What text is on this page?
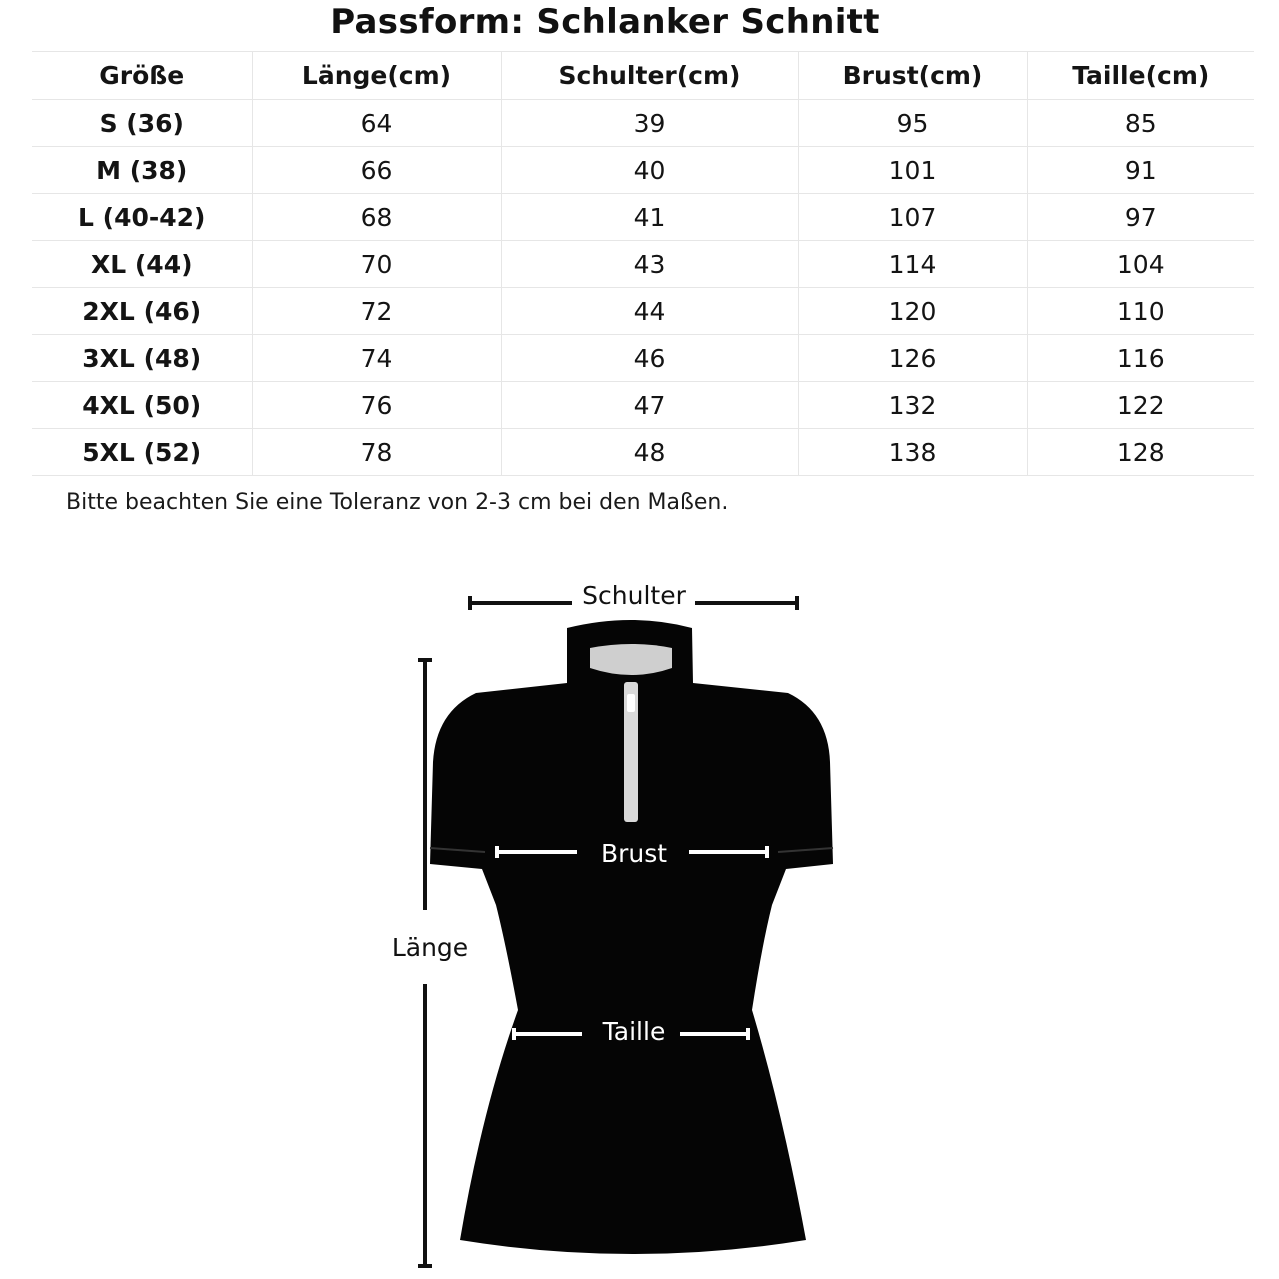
Passform: Schlanker Schnitt
Größe	Länge(cm)	Schulter(cm)	Brust(cm)	Taille(cm)
S (36)	64	39	95	85
M (38)	66	40	101	91
L (40-42)	68	41	107	97
XL (44)	70	43	114	104
2XL (46)	72	44	120	110
3XL (48)	74	46	126	116
4XL (50)	76	47	132	122
5XL (52)	78	48	138	128
Bitte beachten Sie eine Toleranz von 2-3 cm bei den Maßen.
Schulter
Brust
Taille
Länge
